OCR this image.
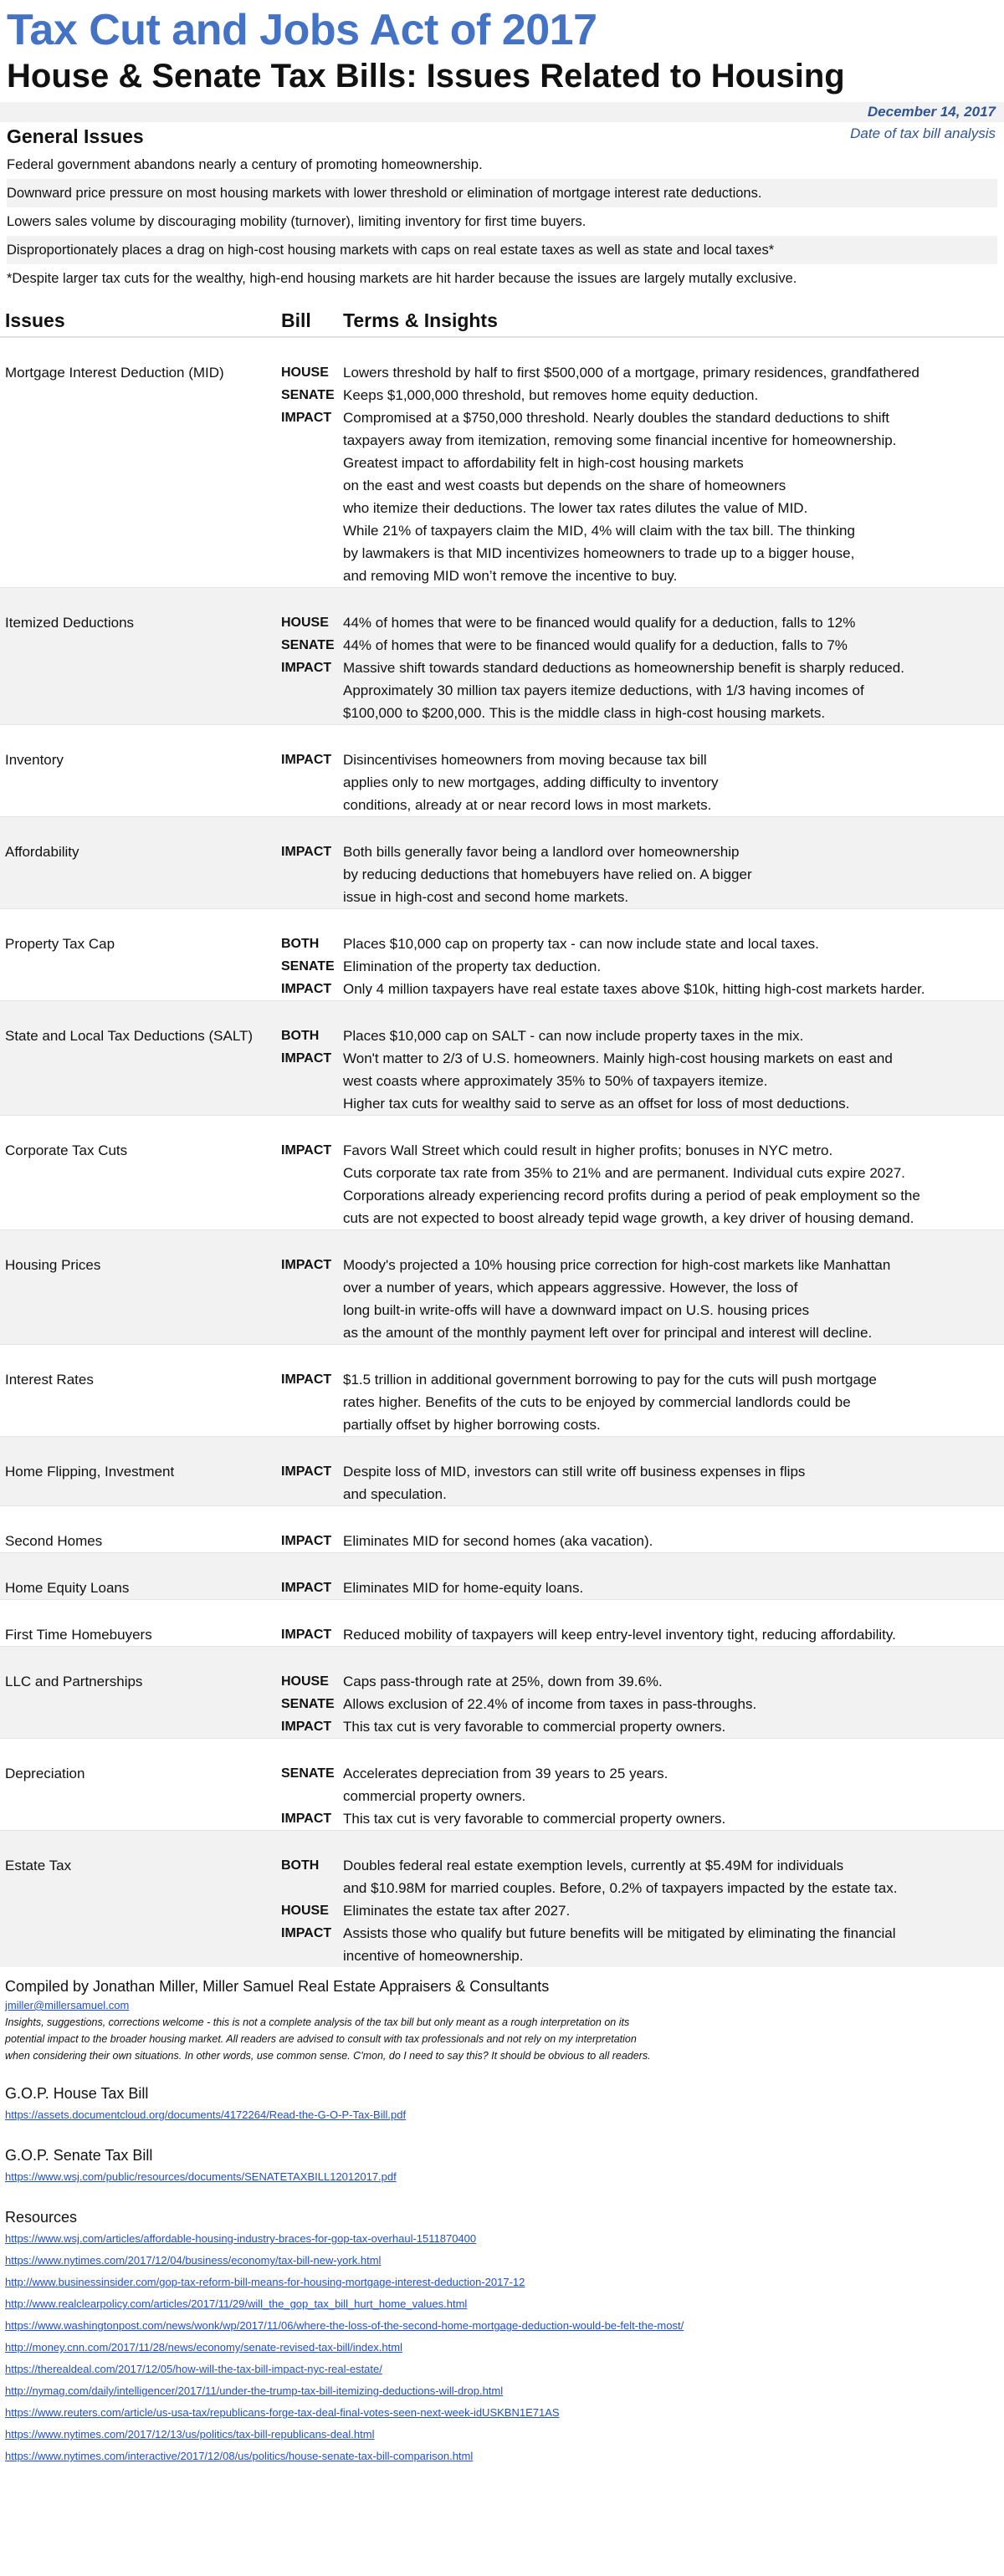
Tax Cut and Jobs Act of 2017
House & Senate Tax Bills: Issues Related to Housing
December 14, 2017
General Issues	Date of tax bill analysis
Federal government abandons nearly a century of promoting homeownership.
Downward price pressure on most housing markets with lower threshold or elimination of mortgage interest rate deductions.
Lowers sales volume by discouraging mobility (turnover), limiting inventory for first time buyers.
Disproportionately places a drag on high-cost housing markets with caps on real estate taxes as well as state and local taxes*
*Despite larger tax cuts for the wealthy, high-end housing markets are hit harder because the issues are largely mutally exclusive.
Issues	Bill	Terms & Insights
Mortgage Interest Deduction (MID)	HOUSE	Lowers threshold by half to first $500,000 of a mortgage, primary residences, grandfathered
SENATE Keeps $1,000,000 threshold, but removes home equity deduction.
IMPACT Compromised at a $750,000 threshold. Nearly doubles the standard deductions to shift
taxpayers away from itemization, removing some financial incentive for homeownership.
Greatest impact to affordability felt in high-cost housing markets
on the east and west coasts but depends on the share of homeowners
who itemize their deductions. The lower tax rates dilutes the value of MID.
While 21% of taxpayers claim the MID, 4% will claim with the tax bill. The thinking
by lawmakers is that MID incentivizes homeowners to trade up to a bigger house,
and removing MID won’t remove the incentive to buy.
Itemized Deductions	HOUSE	44% of homes that were to be financed would qualify for a deduction, falls to 12%
SENATE 44% of homes that were to be financed would qualify for a deduction, falls to 7%
IMPACT Massive shift towards standard deductions as homeownership benefit is sharply reduced.
Approximately 30 million tax payers itemize deductions, with 1/3 having incomes of
$100,000 to $200,000. This is the middle class in high-cost housing markets.
Inventory	IMPACT Disincentivises homeowners from moving because tax bill
applies only to new mortgages, adding difficulty to inventory
conditions, already at or near record lows in most markets.
Affordability	IMPACT Both bills generally favor being a landlord over homeownership
by reducing deductions that homebuyers have relied on. A bigger
issue in high-cost and second home markets.
Property Tax Cap	BOTH	Places $10,000 cap on property tax - can now include state and local taxes.
SENATE Elimination of the property tax deduction.
IMPACT Only 4 million taxpayers have real estate taxes above $10k, hitting high-cost markets harder.
State and Local Tax Deductions (SALT)	BOTH	Places $10,000 cap on SALT - can now include property taxes in the mix.
IMPACT Won't matter to 2/3 of U.S. homeowners. Mainly high-cost housing markets on east and
west coasts where approximately 35% to 50% of taxpayers itemize.
Higher tax cuts for wealthy said to serve as an offset for loss of most deductions.
Corporate Tax Cuts	IMPACT Favors Wall Street which could result in higher profits; bonuses in NYC metro.
Cuts corporate tax rate from 35% to 21% and are permanent. Individual cuts expire 2027.
Corporations already experiencing record profits during a period of peak employment so the
cuts are not expected to boost already tepid wage growth, a key driver of housing demand.
Housing Prices	IMPACT Moody's projected a 10% housing price correction for high-cost markets like Manhattan
over a number of years, which appears aggressive. However, the loss of
long built-in write-offs will have a downward impact on U.S. housing prices
as the amount of the monthly payment left over for principal and interest will decline.
Interest Rates	IMPACT $1.5 trillion in additional government borrowing to pay for the cuts will push mortgage
rates higher. Benefits of the cuts to be enjoyed by commercial landlords could be
partially offset by higher borrowing costs.
Home Flipping, Investment	IMPACT Despite loss of MID, investors can still write off business expenses in flips
and speculation.
Second Homes	IMPACT Eliminates MID for second homes (aka vacation).
Home Equity Loans	IMPACT Eliminates MID for home-equity loans.
First Time Homebuyers	IMPACT Reduced mobility of taxpayers will keep entry-level inventory tight, reducing affordability.
LLC and Partnerships	HOUSE	Caps pass-through rate at 25%, down from 39.6%.
SENATE Allows exclusion of 22.4% of income from taxes in pass-throughs.
IMPACT This tax cut is very favorable to commercial property owners.
Depreciation	SENATE Accelerates depreciation from 39 years to 25 years.
commercial property owners.
IMPACT This tax cut is very favorable to commercial property owners.
Estate Tax	BOTH	Doubles federal real estate exemption levels, currently at $5.49M for individuals
and $10.98M for married couples. Before, 0.2% of taxpayers impacted by the estate tax.
HOUSE	Eliminates the estate tax after 2027.
IMPACT Assists those who qualify but future benefits will be mitigated by eliminating the financial
incentive of homeownership.
Compiled by Jonathan Miller, Miller Samuel Real Estate Appraisers & Consultants
jmiller@millersamuel.com
Insights, suggestions, corrections welcome - this is not a complete analysis of the tax bill but only meant as a rough interpretation on its
potential impact to the broader housing market. All readers are advised to consult with tax professionals and not rely on my interpretation
when considering their own situations. In other words, use common sense. C'mon, do I need to say this? It should be obvious to all readers.
G.O.P. House Tax Bill
https://assets.documentcloud.org/documents/4172264/Read-the-G-O-P-Tax-Bill.pdf
G.O.P. Senate Tax Bill
https://www.wsj.com/public/resources/documents/SENATETAXBILL12012017.pdf
Resources
https://www.wsj.com/articles/affordable-housing-industry-braces-for-gop-tax-overhaul-1511870400
https://www.nytimes.com/2017/12/04/business/economy/tax-bill-new-york.html
http://www.businessinsider.com/gop-tax-reform-bill-means-for-housing-mortgage-interest-deduction-2017-12
http://www.realclearpolicy.com/articles/2017/11/29/will_the_gop_tax_bill_hurt_home_values.html
https://www.washingtonpost.com/news/wonk/wp/2017/11/06/where-the-loss-of-the-second-home-mortgage-deduction-would-be-felt-the-most/
http://money.cnn.com/2017/11/28/news/economy/senate-revised-tax-bill/index.html
https://therealdeal.com/2017/12/05/how-will-the-tax-bill-impact-nyc-real-estate/
http://nymag.com/daily/intelligencer/2017/11/under-the-trump-tax-bill-itemizing-deductions-will-drop.html
https://www.reuters.com/article/us-usa-tax/republicans-forge-tax-deal-final-votes-seen-next-week-idUSKBN1E71AS
https://www.nytimes.com/2017/12/13/us/politics/tax-bill-republicans-deal.html
https://www.nytimes.com/interactive/2017/12/08/us/politics/house-senate-tax-bill-comparison.html
